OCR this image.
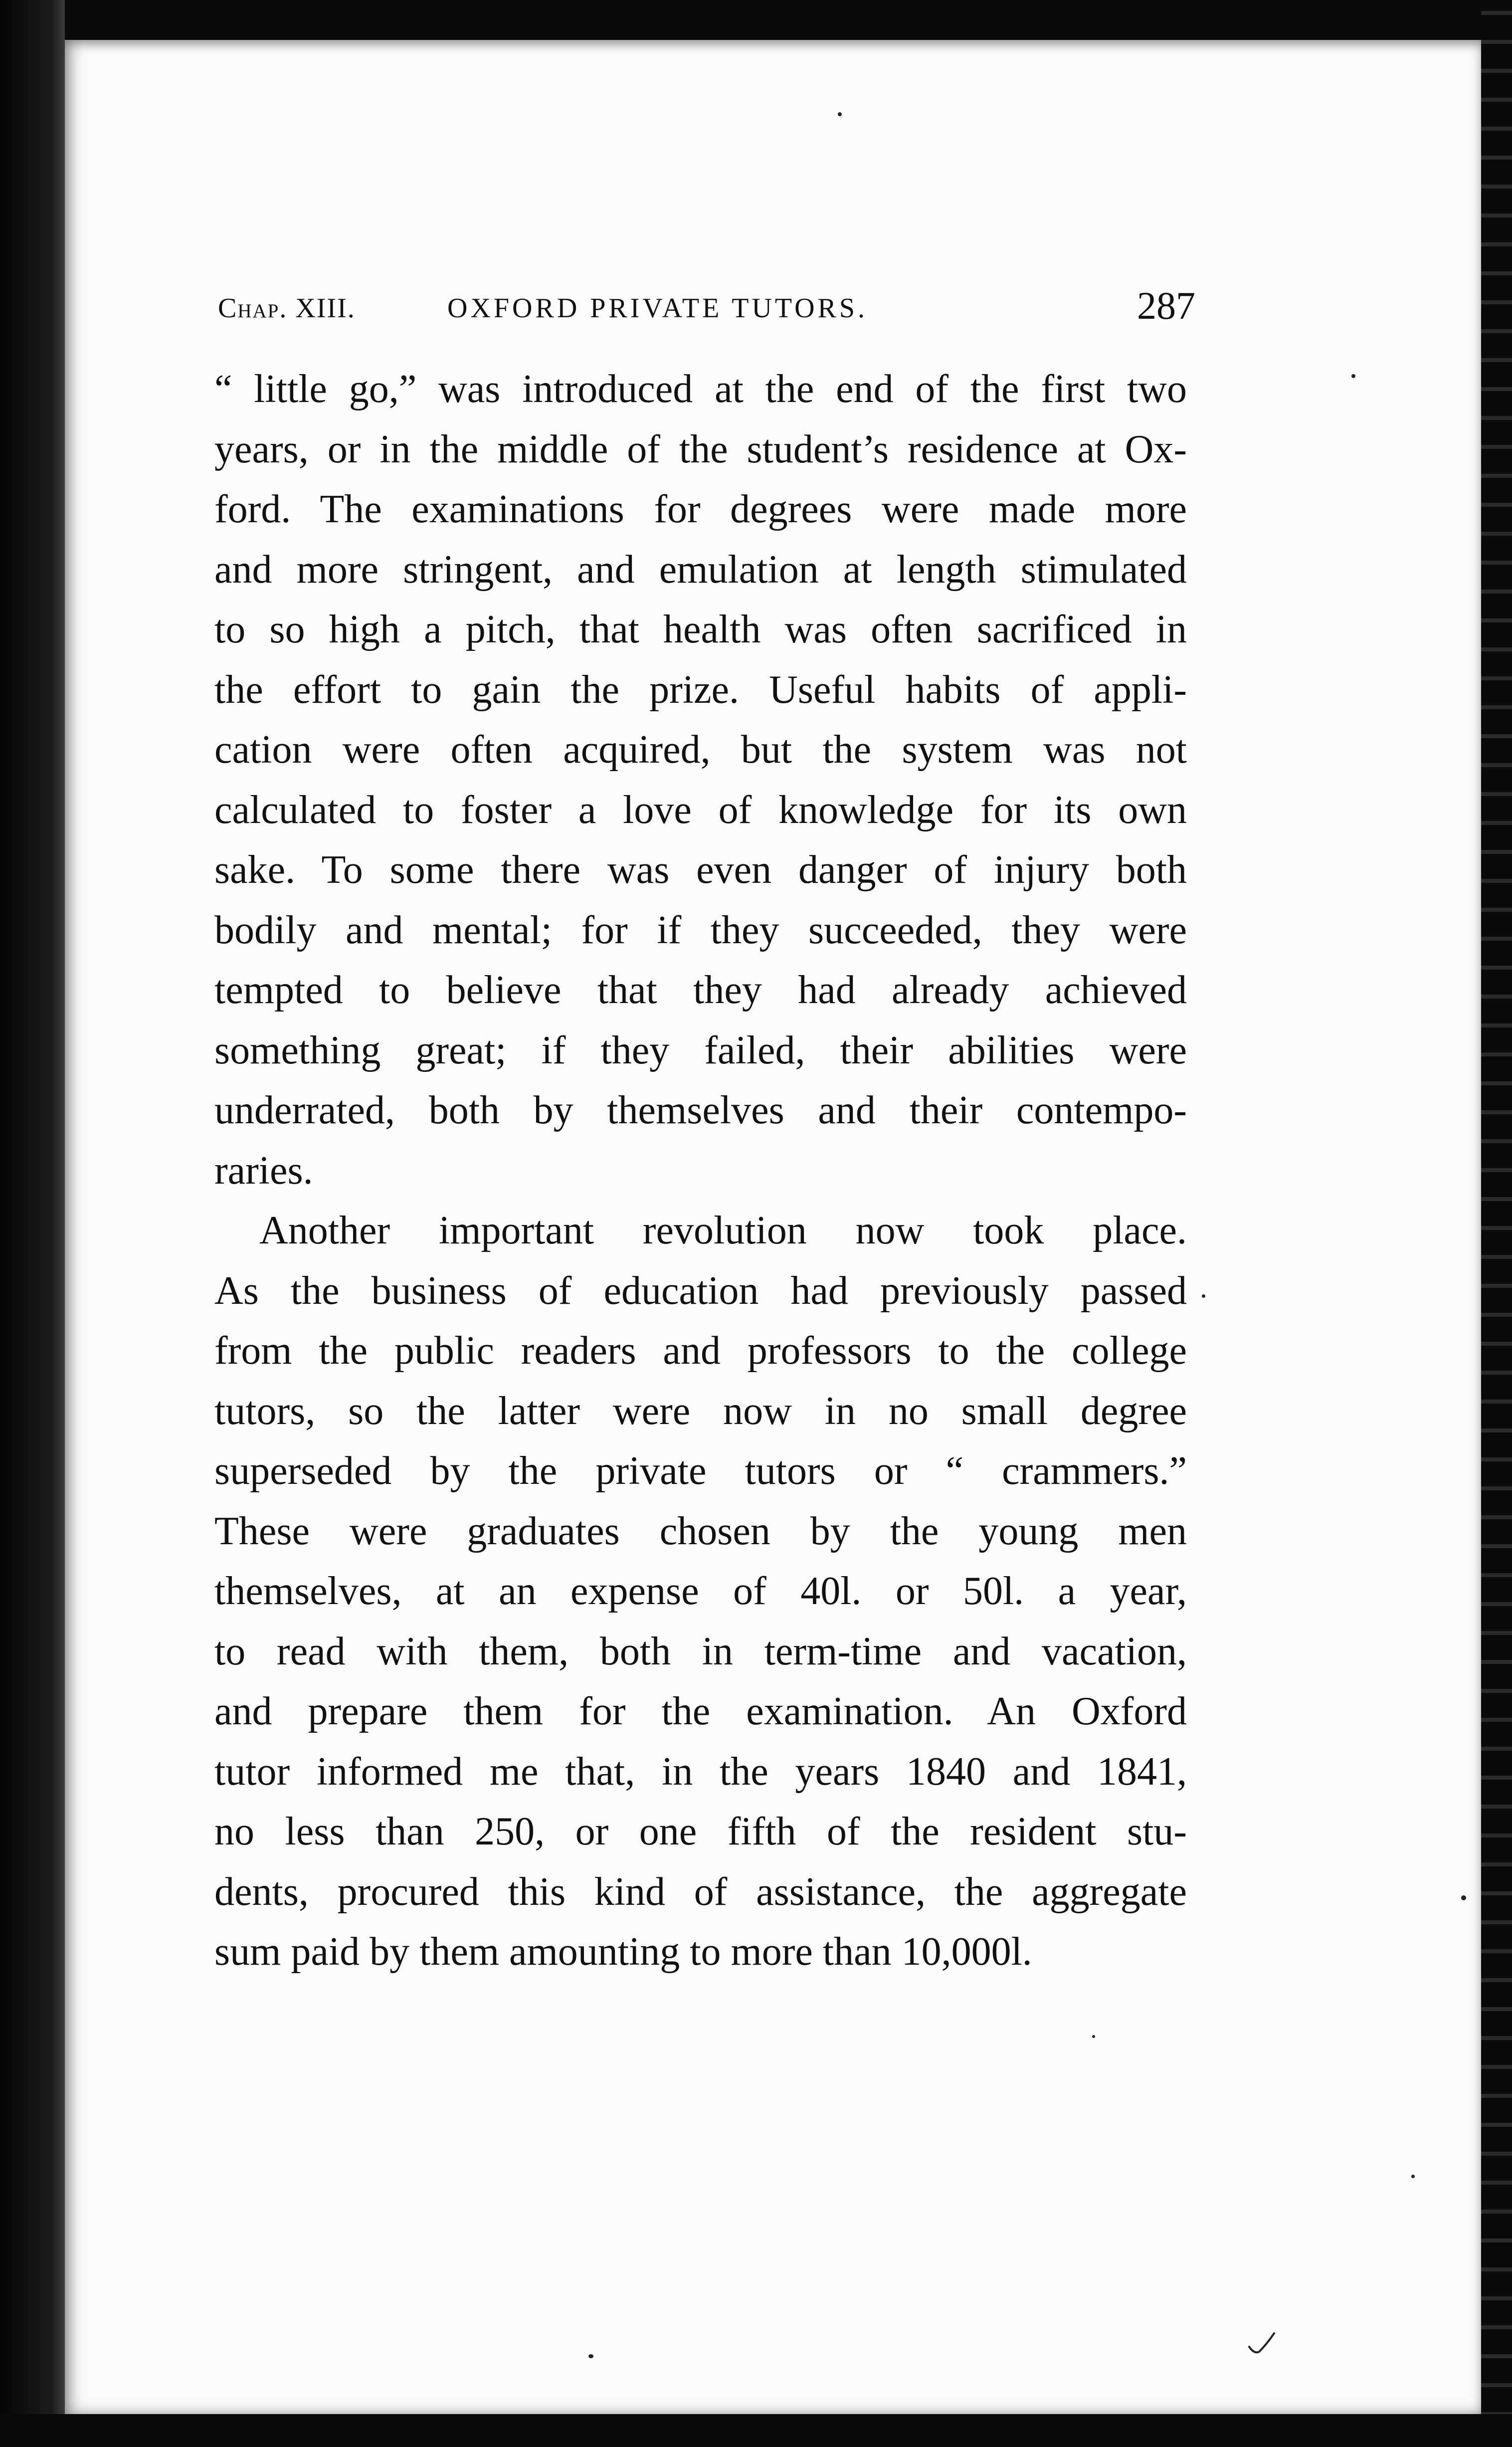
Chap. XIII.	OXFORD PRIVATE TUTORS.	287
“ little go,” was introduced at the end of the first two
years, or in the middle of the student’s residence at Ox-
ford. The examinations for degrees were made more
and more stringent, and emulation at length stimulated
to so high a pitch, that health was often sacrificed in
the effort to gain the prize. Useful habits of appli-
cation were often acquired, but the system was not
calculated to foster a love of knowledge for its own
sake. To some there was even danger of injury both
bodily and mental; for if they succeeded, they were
tempted to believe that they had already achieved
something great; if they failed, their abilities were
underrated, both by themselves and their contempo-
raries.
Another important revolution now took place.
As the business of education had previously passed
from the public readers and professors to the college
tutors, so the latter were now in no small degree
superseded by the private tutors or “ crammers.”
These were graduates chosen by the young men
themselves, at an expense of 40l. or 50l. a year,
to read with them, both in term-time and vacation,
and prepare them for the examination. An Oxford
tutor informed me that, in the years 1840 and 1841,
no less than 250, or one fifth of the resident stu-
dents, procured this kind of assistance, the aggregate
sum paid by them amounting to more than 10,000l.
